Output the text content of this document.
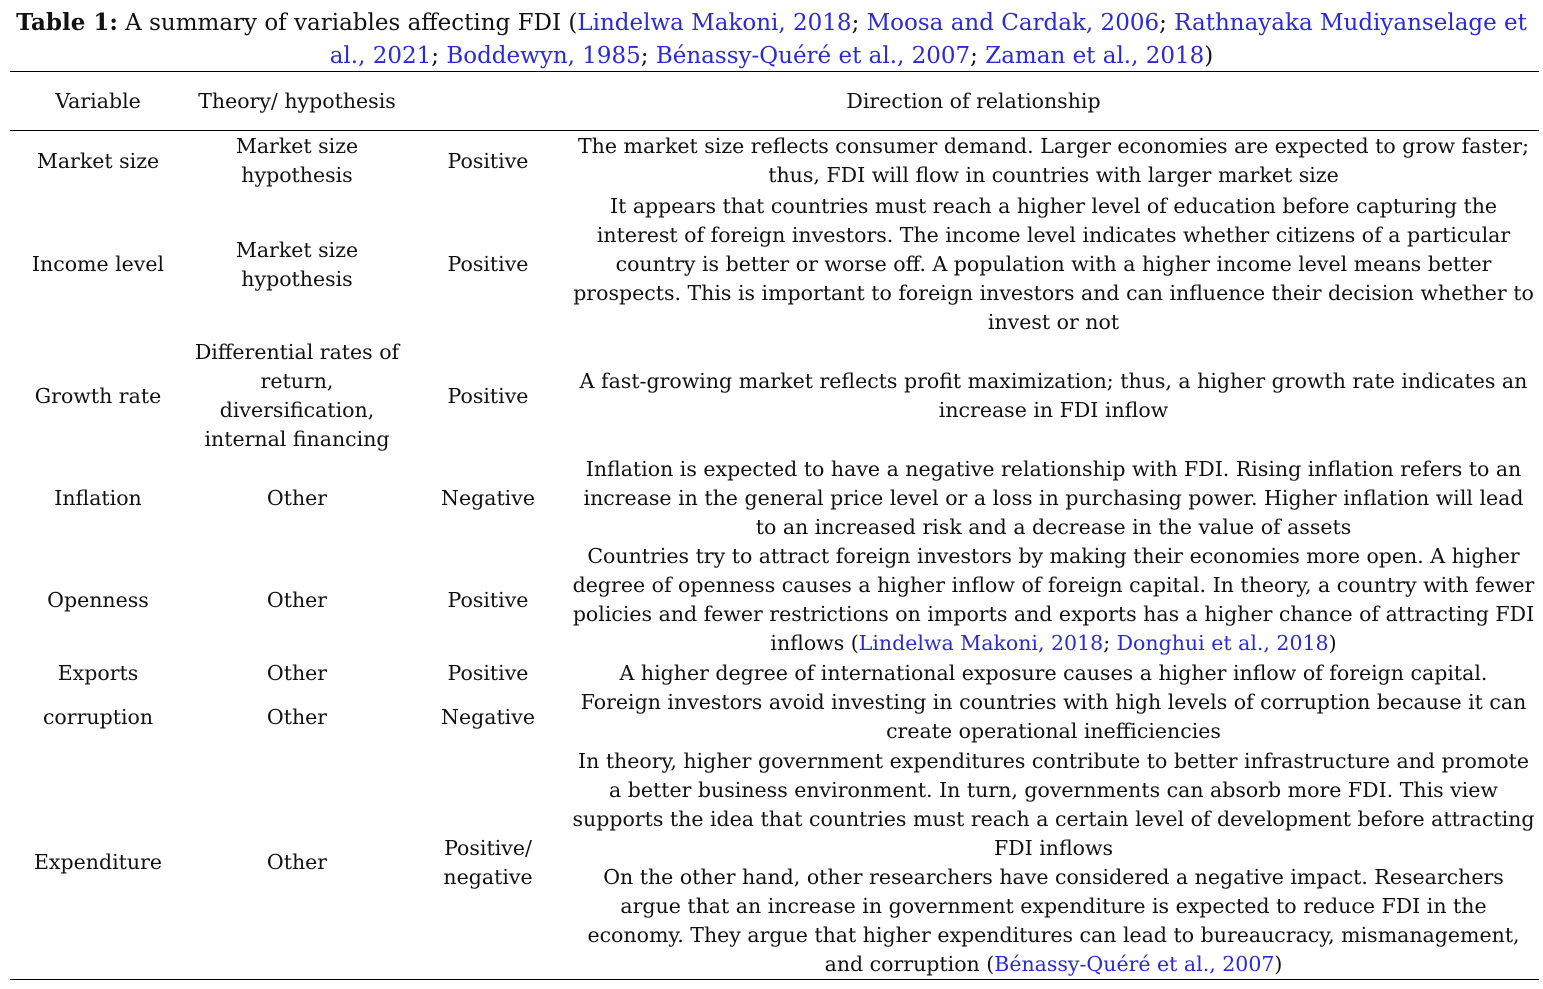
Table 1: A summary of variables affecting FDI (Lindelwa Makoni, 2018; Moosa and Cardak, 2006; Rathnayaka Mudiyanselage et al., 2021; Boddewyn, 1985; Bénassy-Quéré et al., 2007; Zaman et al., 2018)
Variable	Theory/ hypothesis	Direction of relationship	
Market size	Market size hypothesis	Positive	The market size reflects consumer demand. Larger economies are expected to grow faster; thus, FDI will flow in countries with larger market size
Income level	Market size hypothesis	Positive	It appears that countries must reach a higher level of education before capturing the interest of foreign investors. The income level indicates whether citizens of a particular country is better or worse off. A population with a higher income level means better prospects. This is important to foreign investors and can influence their decision whether to invest or not
Growth rate	Differential rates of return, diversification, internal financing	Positive	A fast-growing market reflects profit maximization; thus, a higher growth rate indicates an increase in FDI inflow
Inflation	Other	Negative	Inflation is expected to have a negative relationship with FDI. Rising inflation refers to an increase in the general price level or a loss in purchasing power. Higher inflation will lead to an increased risk and a decrease in the value of assets
Openness	Other	Positive	Countries try to attract foreign investors by making their economies more open. A higher degree of openness causes a higher inflow of foreign capital. In theory, a country with fewer policies and fewer restrictions on imports and exports has a higher chance of attracting FDI inflows (Lindelwa Makoni, 2018; Donghui et al., 2018)
Exports	Other	Positive	A higher degree of international exposure causes a higher inflow of foreign capital.
corruption	Other	Negative	Foreign investors avoid investing in countries with high levels of corruption because it can create operational inefficiencies
Expenditure	Other	Positive/ negative	In theory, higher government expenditures contribute to better infrastructure and promote a better business environment. In turn, governments can absorb more FDI. This view supports the idea that countries must reach a certain level of development before attracting FDI inflows
On the other hand, other researchers have considered a negative impact. Researchers argue that an increase in government expenditure is expected to reduce FDI in the economy. They argue that higher expenditures can lead to bureaucracy, mismanagement, and corruption (Bénassy-Quéré et al., 2007)
